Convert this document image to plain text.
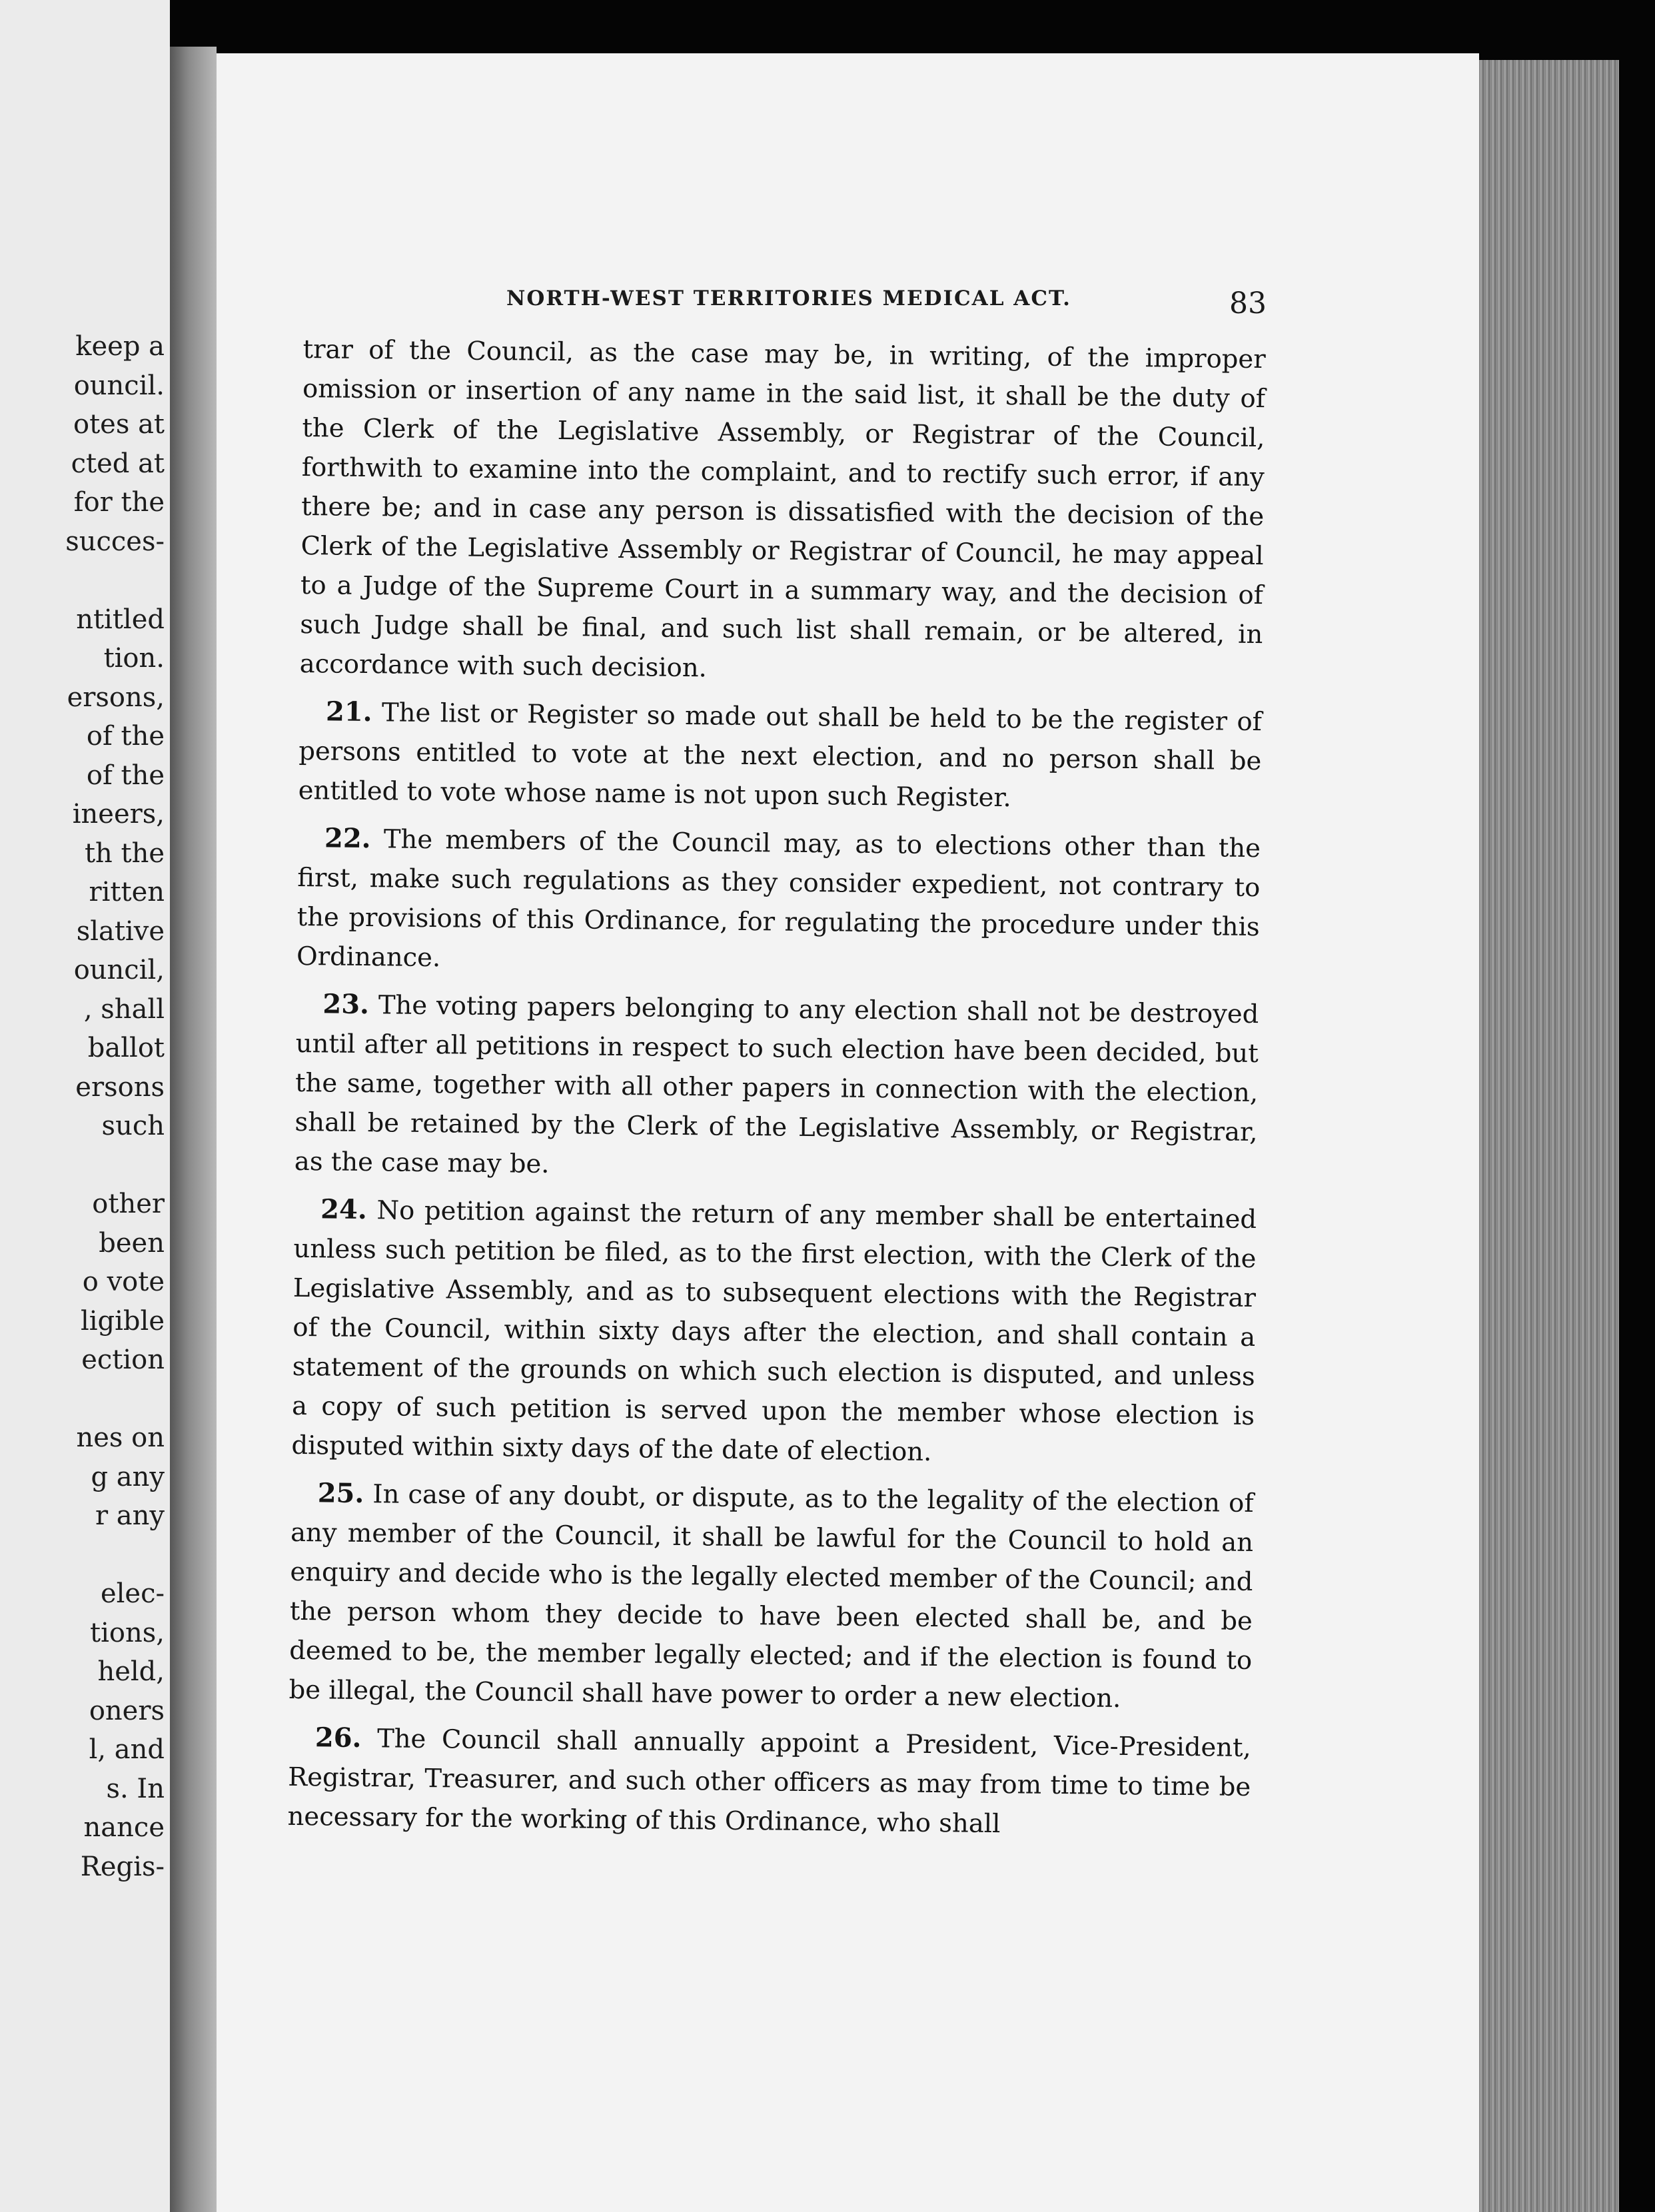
keep a
ouncil.
otes at
cted at
for the
succes-
ntitled
tion.
ersons,
of the
of the
ineers,
th the
ritten
slative
ouncil,
, shall
ballot
ersons
such
other
been
o vote
ligible
ection
nes on
g any
r any
elec-
tions,
held,
oners
l, and
s. In
nance
Regis-
NORTH-WEST TERRITORIES MEDICAL ACT.	83

trar of the Council, as the case may be, in writing, of the improper omission or insertion of any name in the said list, it shall be the duty of the Clerk of the Legislative Assembly, or Registrar of the Council, forthwith to examine into the complaint, and to rectify such error, if any there be; and in case any person is dissatisfied with the decision of the Clerk of the Legislative Assembly or Registrar of Council, he may appeal to a Judge of the Supreme Court in a summary way, and the decision of such Judge shall be final, and such list shall remain, or be altered, in accordance with such decision.

21. The list or Register so made out shall be held to be the register of persons entitled to vote at the next election, and no person shall be entitled to vote whose name is not upon such Register.

22. The members of the Council may, as to elections other than the first, make such regulations as they consider expedient, not contrary to the provisions of this Ordinance, for regulating the procedure under this Ordinance.

23. The voting papers belonging to any election shall not be destroyed until after all petitions in respect to such election have been decided, but the same, together with all other papers in connection with the election, shall be retained by the Clerk of the Legislative Assembly, or Registrar, as the case may be.

24. No petition against the return of any member shall be entertained unless such petition be filed, as to the first election, with the Clerk of the Legislative Assembly, and as to subsequent elections with the Registrar of the Council, within sixty days after the election, and shall contain a statement of the grounds on which such election is disputed, and unless a copy of such petition is served upon the member whose election is disputed within sixty days of the date of election.

25. In case of any doubt, or dispute, as to the legality of the election of any member of the Council, it shall be lawful for the Council to hold an enquiry and decide who is the legally elected member of the Council; and the person whom they decide to have been elected shall be, and be deemed to be, the member legally elected; and if the election is found to be illegal, the Council shall have power to order a new election.

26. The Council shall annually appoint a President, Vice-President, Registrar, Treasurer, and such other officers as may from time to time be necessary for the working of this Ordinance, who shall
